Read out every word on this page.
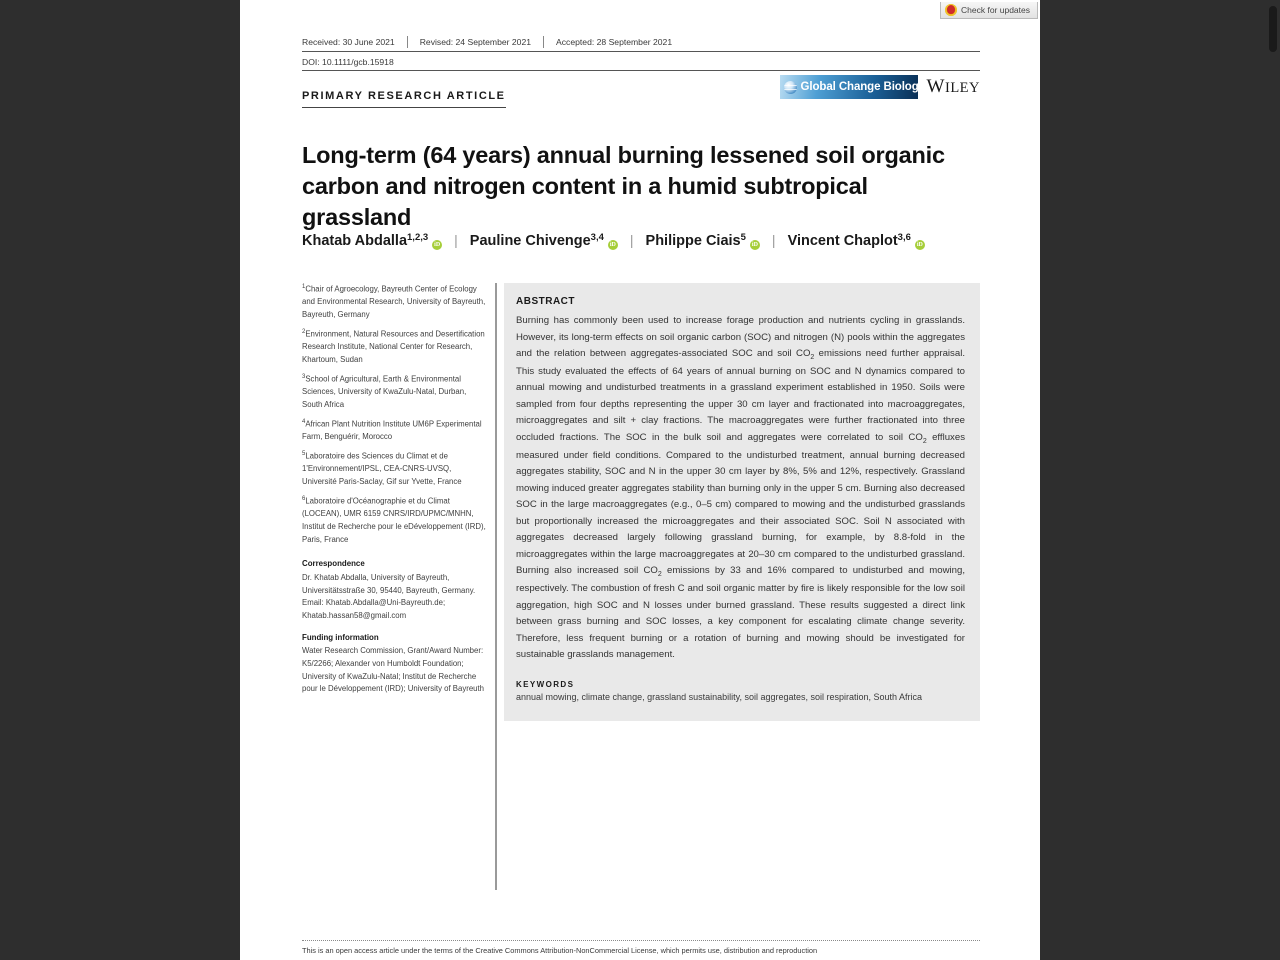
Check for updates
Received: 30 June 2021	Revised: 24 September 2021	Accepted: 28 September 2021
DOI: 10.1111/gcb.15918
PRIMARY RESEARCH ARTICLE
Global Change Biology WILEY
Long-term (64 years) annual burning lessened soil organic carbon and nitrogen content in a humid subtropical grassland
Khatab Abdalla 1,2,3
iD | Pauline Chivenge 3,4
iD | Philippe Ciais 5
iD | Vincent Chaplot 3,6
iD
$^1$Chair of Agroecology, Bayreuth Center of Ecology and Environmental Research, University of Bayreuth, Bayreuth, Germany
$^2$Environment, Natural Resources and Desertification Research Institute, National Center for Research, Khartoum, Sudan
$^3$School of Agricultural, Earth & Environmental Sciences, University of KwaZulu-Natal, Durban, South Africa
$^4$African Plant Nutrition Institute UM6P Experimental Farm, Benguérir, Morocco
$^5$Laboratoire des Sciences du Climat et de 1'Environnement/IPSL, CEA-CNRS-UVSQ, Université Paris-Saclay, Gif sur Yvette, France
$^6$Laboratoire d'Océanographie et du Climat (LOCEAN), UMR 6159 CNRS/IRD/UPMC/MNHN, Institut de Recherche pour le eDéveloppement (IRD), Paris, France
Correspondence
Dr. Khatab Abdalla, University of Bayreuth, Universitätsstraße 30, 95440, Bayreuth, Germany. Email: Khatab.Abdalla@Uni-Bayreuth.de; Khatab.hassan58@gmail.com
Funding information
Water Research Commission, Grant/Award Number: K5/2266; Alexander von Humboldt Foundation; University of KwaZulu-Natal; Institut de Recherche pour le Développement (IRD); University of Bayreuth
ABSTRACT
Burning has commonly been used to increase forage production and nutrients cycling in grasslands. However, its long-term effects on soil organic carbon (SOC) and nitrogen (N) pools within the aggregates and the relation between aggregates-associated SOC and soil $CO_2$ emissions need further appraisal. This study evaluated the effects of 64 years of annual burning on SOC and N dynamics compared to annual mowing and undisturbed treatments in a grassland experiment established in 1950. Soils were sampled from four depths representing the upper 30 cm layer and fractionated into macroaggregates, microaggregates and silt + clay fractions. The macroaggregates were further fractionated into three occluded fractions. The SOC in the bulk soil and aggregates were correlated to soil $CO_2$ effluxes measured under field conditions. Compared to the undisturbed treatment, annual burning decreased aggregates stability, SOC and N in the upper 30 cm layer by 8%, 5% and 12%, respectively. Grassland mowing induced greater aggregates stability than burning only in the upper 5 cm. Burning also decreased SOC in the large macroaggregates (e.g., 0–5 cm) compared to mowing and the undisturbed grasslands but proportionally increased the microaggregates and their associated SOC. Soil N associated with aggregates decreased largely following grassland burning, for example, by 8.8-fold in the microaggregates within the large macroaggregates at 20–30 cm compared to the undisturbed grassland. Burning also increased soil $CO_2$ emissions by 33 and 16% compared to undisturbed and mowing, respectively. The combustion of fresh C and soil organic matter by fire is likely responsible for the low soil aggregation, high SOC and N losses under burned grassland. These results suggested a direct link between grass burning and SOC losses, a key component for escalating climate change severity. Therefore, less frequent burning or a rotation of burning and mowing should be investigated for sustainable grasslands management.
KEYWORDS
annual mowing, climate change, grassland sustainability, soil aggregates, soil respiration, South Africa
This is an open access article under the terms of the Creative Commons Attribution-NonCommercial License, which permits use, distribution and reproduction
